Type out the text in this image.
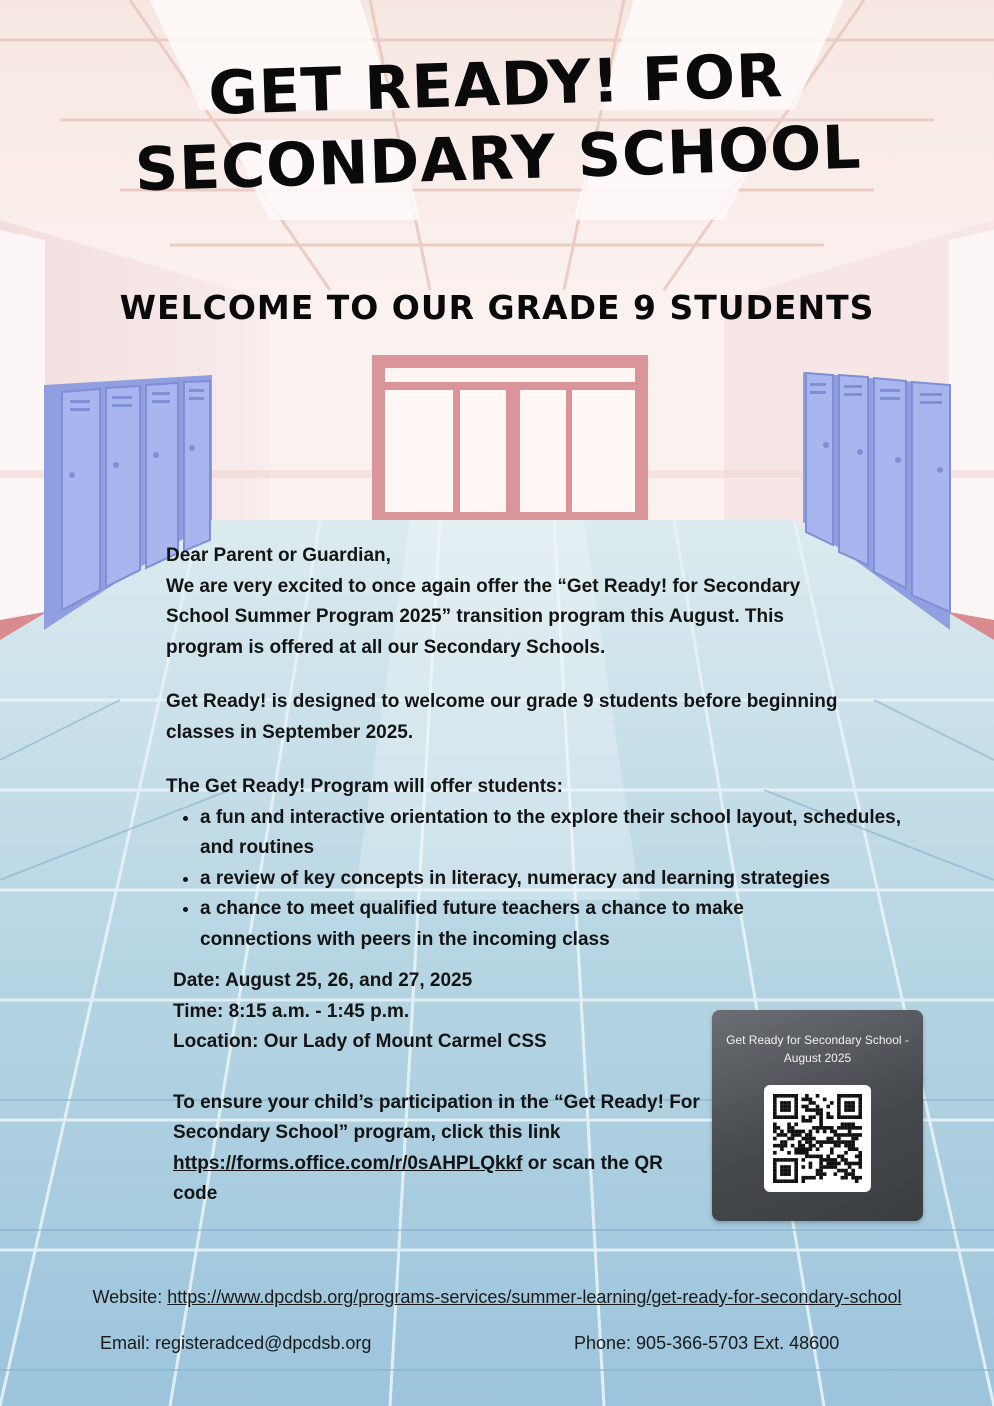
GET READY! FOR SECONDARY SCHOOL
WELCOME TO OUR GRADE 9 STUDENTS

Dear Parent or Guardian,

We are very excited to once again offer the “Get Ready! for Secondary School Summer Program 2025” transition program this August. This program is offered at all our Secondary Schools.

Get Ready! is designed to welcome our grade 9 students before beginning classes in September 2025.

The Get Ready! Program will offer students:

• a fun and interactive orientation to the explore their school layout, schedules, and routines
• a review of key concepts in literacy, numeracy and learning strategies
• a chance to meet qualified future teachers a chance to make connections with peers in the incoming class

Date: August 25, 26, and 27, 2025

Time: 8:15 a.m. - 1:45 p.m.

Location: Our Lady of Mount Carmel CSS

To ensure your child’s participation in the “Get Ready! For Secondary School” program, click this link https://forms.office.com/r/0sAHPLQkkf or scan the QR code

Get Ready for Secondary School - August 2025
Website: https://www.dpcdsb.org/programs-services/summer-learning/get-ready-for-secondary-school
Email: registeradced@dpcdsb.org	Phone: 905-366-5703 Ext. 48600
